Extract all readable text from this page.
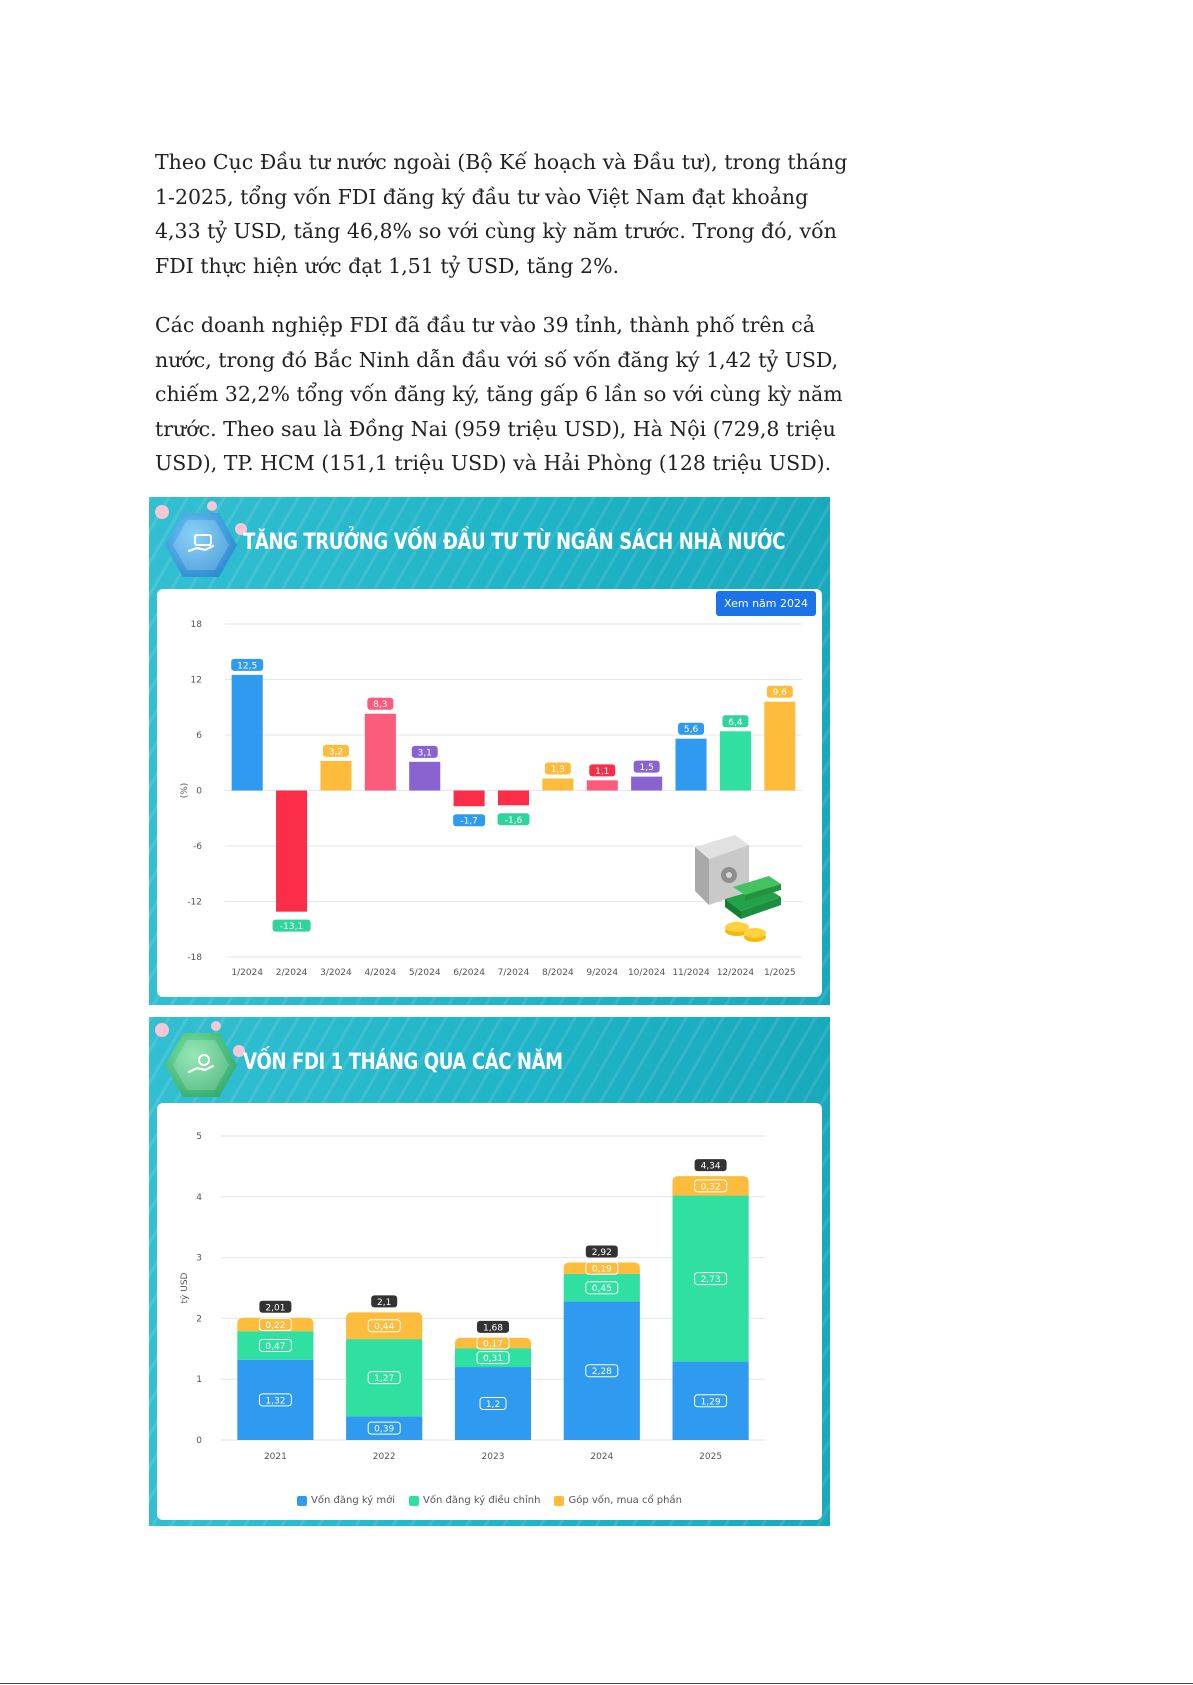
Theo Cục Đầu tư nước ngoài (Bộ Kế hoạch và Đầu tư), trong tháng 1-2025, tổng vốn FDI đăng ký đầu tư vào Việt Nam đạt khoảng 4,33 tỷ USD, tăng 46,8% so với cùng kỳ năm trước. Trong đó, vốn FDI thực hiện ước đạt 1,51 tỷ USD, tăng 2%.

Các doanh nghiệp FDI đã đầu tư vào 39 tỉnh, thành phố trên cả nước, trong đó Bắc Ninh dẫn đầu với số vốn đăng ký 1,42 tỷ USD, chiếm 32,2% tổng vốn đăng ký, tăng gấp 6 lần so với cùng kỳ năm trước. Theo sau là Đồng Nai (959 triệu USD), Hà Nội (729,8 triệu USD), TP. HCM (151,1 triệu USD) và Hải Phòng (128 triệu USD).

TĂNG TRƯỞNG VỐN ĐẦU TƯ TỪ NGÂN SÁCH NHÀ NƯỚC
Xem năm 2024
18
12
6
0
-6
-12
-18
(%)
12,5
1/2024
-13,1
2/2024
3,2
3/2024
8,3
4/2024
3,1
5/2024
-1,7
6/2024
-1,6
7/2024
1,3
8/2024
1,1
9/2024
1,5
10/2024
5,6
11/2024
6,4
12/2024
9,6
1/2025
VỐN FDI 1 THÁNG QUA CÁC NĂM
5
4
3
2
1
0
tỷ USD
1,32
0,47
0,22
2,01
2021
0,39
1,27
0,44
2,1
2022
1,2
0,31
0,17
1,68
2023
2,28
0,45
0,19
2,92
2024
1,29
2,73
0,32
4,34
2025
Vốn đăng ký mới	Vốn đăng ký điều chỉnh	Góp vốn, mua cổ phần
